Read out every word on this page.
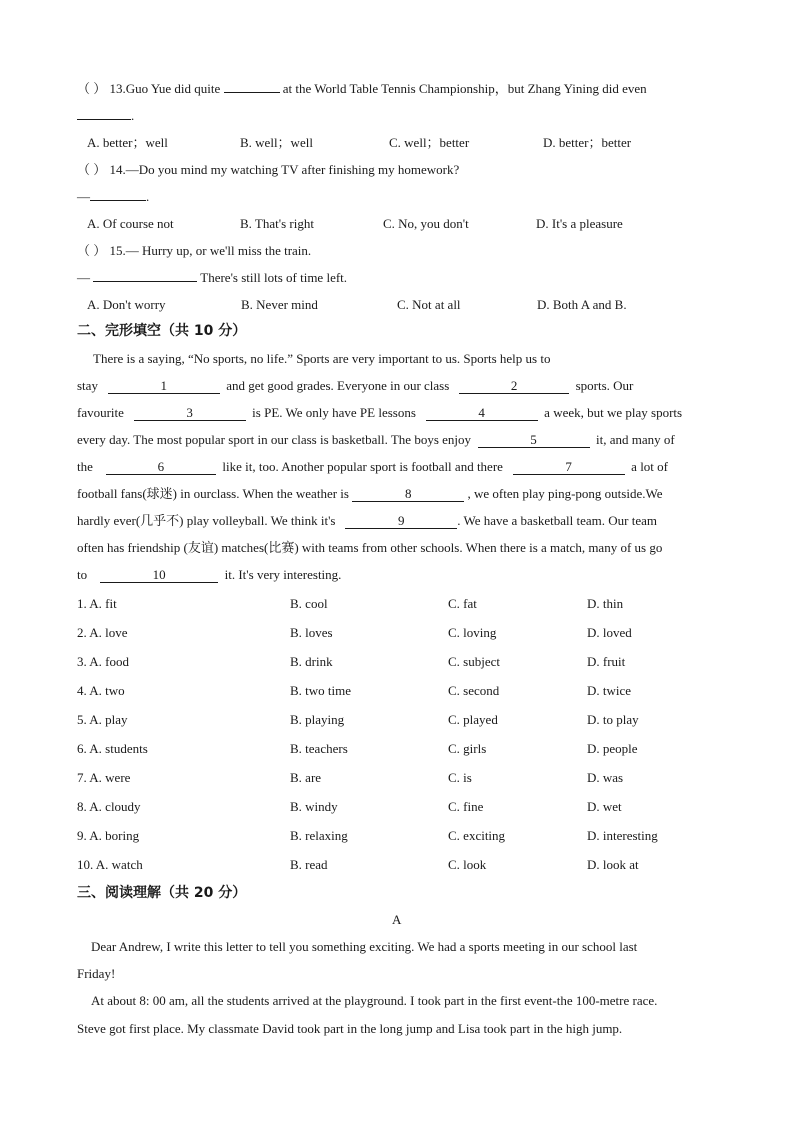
（ ） 13.Guo Yue did quite	at the World Table Tennis Championship，but Zhang Yining did even
.
A. better；well	B. well；well	C. well；better	D. better；better
（ ） 14.—Do you mind my watching TV after finishing my homework?
—	.
A. Of course not	B. That's right	C. No, you don't	D. It's a pleasure
（ ） 15.— Hurry up, or we'll miss the train.
—	There's still lots of time left.
A. Don't worry	B. Never mind	C. Not at all	D. Both A and B.
二、完形填空（共 10 分）
There is a saying, “No sports, no life.” Sports are very important to us. Sports help us to
stay	1	and get good grades. Everyone in our class	2	sports. Our
favourite	3	is PE. We only have PE lessons	4	a week, but we play sports
every day. The most popular sport in our class is basketball. The boys enjoy	5	it, and many of
the	6	like it, too. Another popular sport is football and there	7	a lot of
football fans(球迷) in ourclass. When the weather is	8	, we often play ping-pong outside.We
hardly ever(几乎不) play volleyball. We think it's	9	. We have a basketball team. Our team
often has friendship (友谊) matches(比赛) with teams from other schools. When there is a match, many of us go
to	10	it. It's very interesting.
1. A. fit	B. cool	C. fat	D. thin
2. A. love	B. loves	C. loving	D. loved
3. A. food	B. drink	C. subject	D. fruit
4. A. two	B. two time	C. second	D. twice
5. A. play	B. playing	C. played	D. to play
6. A. students	B. teachers	C. girls	D. people
7. A. were	B. are	C. is	D. was
8. A. cloudy	B. windy	C. fine	D. wet
9. A. boring	B. relaxing	C. exciting	D. interesting
10. A. watch	B. read	C. look	D. look at
三、阅读理解（共 20 分）
A
Dear Andrew, I write this letter to tell you something exciting. We had a sports meeting in our school last
Friday!
At about 8: 00 am, all the students arrived at the playground. I took part in the first event-the 100-metre race.
Steve got first place. My classmate David took part in the long jump and Lisa took part in the high jump.
